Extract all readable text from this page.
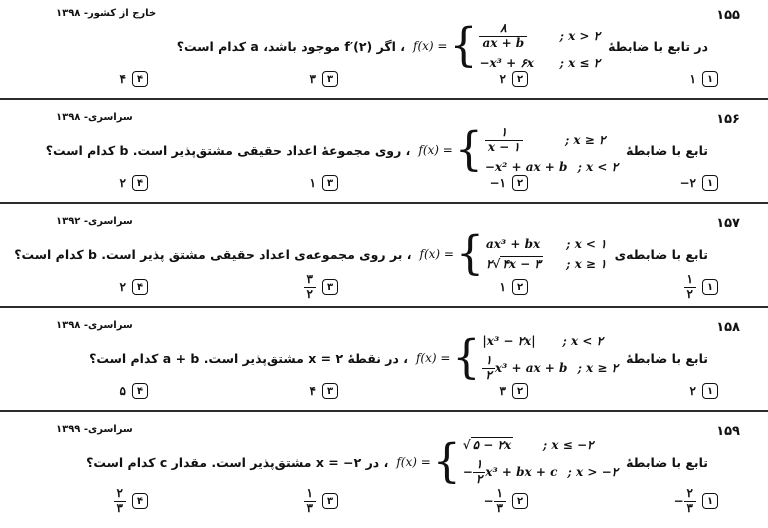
۱۵۵
خارج از کشور- ۱۳۹۸
در تابع با ضابطهٔ
f(x) = { $\frac{۸}{ax + b}$	; x > ۲
−x³ + ۶x	; x ≤ ۲
، اگر (۲)′f موجود باشد، a کدام است؟
۱
۱
۲
۲
۳
۳
۴
۴
۱۵۶
سراسری- ۱۳۹۸
تابع با ضابطهٔ
f(x) = { $\frac{۱}{x - ۱}$	; x ≥ ۲
−x² + ax + b ; x < ۲
، روی مجموعهٔ اعداد حقیقی مشتق‌پذیر است. b کدام است؟
۱
−۲
۲
−۱
۳
۱
۴
۲
۱۵۷
سراسری- ۱۳۹۲
تابع با ضابطه‌ی
f(x) = { ax³ + bx	; x < ۱
۲√ ۴x − ۳	; x ≥ ۱
، بر روی مجموعه‌ی اعداد حقیقی مشتق پذیر است. b کدام است؟
۱
$\frac{۱}{۲}$
۲
۱
۳
$\frac{۳}{۲}$
۴
۲
۱۵۸
سراسری- ۱۳۹۸
تابع با ضابطهٔ
f(x) = { |x³ − ۲x|	; x < ۲
$\frac{۱}{۲} x^3$ + ax + b ; x ≥ ۲
، در نقطهٔ ۲ = x مشتق‌پذیر است. a + b کدام است؟
۱
۲
۲
۳
۳
۴
۴
۵
۱۵۹
سراسری- ۱۳۹۹
تابع با ضابطهٔ
f(x) = { √ ۵ − ۲x	; x ≤ −۲
− $\frac{۱}{۲} x^3$ + bx + c ; x > −۲
، در ۲− = x مشتق‌پذیر است. مقدار c کدام است؟
۱
− $\frac{۲}{۳}$
۲
− $\frac{۱}{۳}$
۳
$\frac{۱}{۳}$
۴
$\frac{۲}{۳}$
